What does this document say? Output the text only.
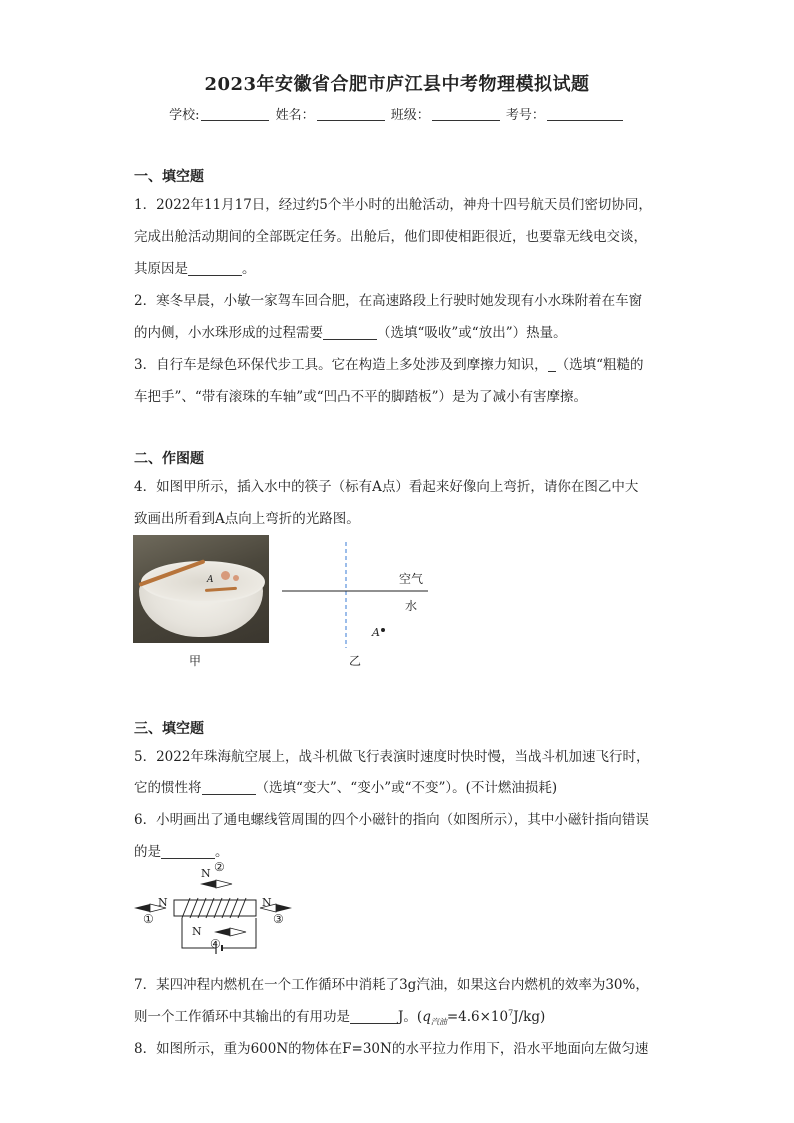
2023年安徽省合肥市庐江县中考物理模拟试题
学校:	姓名：	班级：	考号：
一、填空题
1．2022年11月17日，经过约5个半小时的出舱活动，神舟十四号航天员们密切协同，
完成出舱活动期间的全部既定任务。出舱后，他们即使相距很近，也要靠无线电交谈，
其原因是	。
2．寒冬早晨，小敏一家驾车回合肥，在高速路段上行驶时她发现有小水珠附着在车窗
的内侧，小水珠形成的过程需要	（选填“吸收”或“放出”）热量。
3．自行车是绿色环保代步工具。它在构造上多处涉及到摩擦力知识， （选填“粗糙的
车把手”、“带有滚珠的车轴”或“凹凸不平的脚踏板”）是为了减小有害摩擦。
二、作图题
4．如图甲所示，插入水中的筷子（标有A点）看起来好像向上弯折，请你在图乙中大
致画出所看到A点向上弯折的光路图。
A
甲
空气
水
A
乙
三、填空题
5．2022年珠海航空展上，战斗机做飞行表演时速度时快时慢，当战斗机加速飞行时，
它的惯性将	（选填“变大”、“变小”或“不变”）。(不计燃油损耗)
6．小明画出了通电螺线管周围的四个小磁针的指向（如图所示），其中小磁针指向错误
的是	。
N ②
N
①
N
③
N
④
7．某四冲程内燃机在一个工作循环中消耗了3g汽油，如果这台内燃机的效率为30%，
则一个工作循环中其输出的有用功是	J。$(q_{汽油}=4.6\times 10^7J/kg)$
8．如图所示，重为600N的物体在F=30N的水平拉力作用下，沿水平地面向左做匀速
